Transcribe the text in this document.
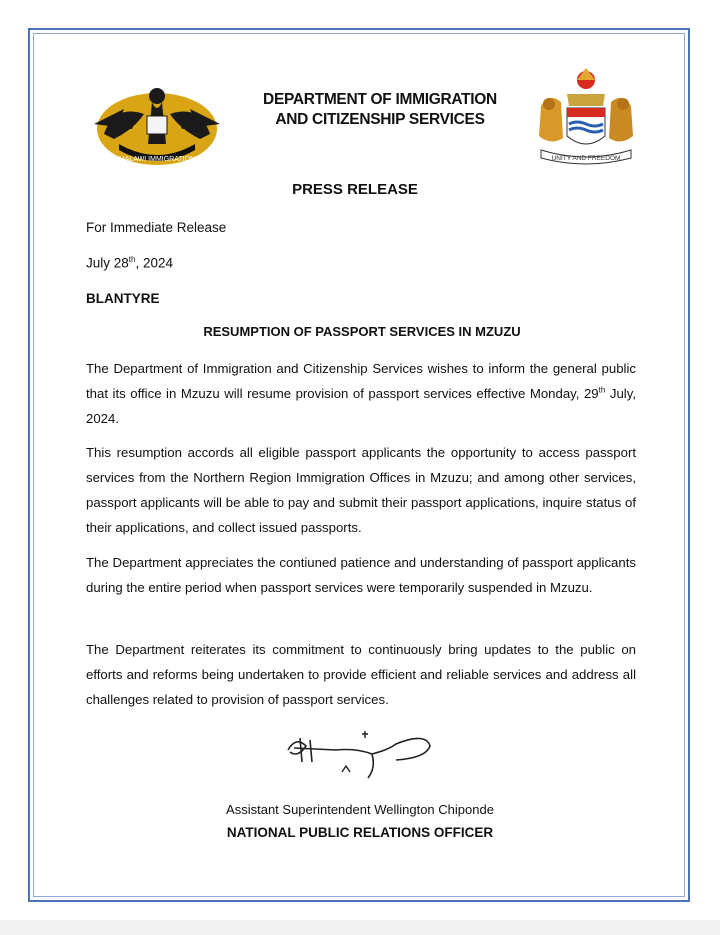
MALAWI IMMIGRATION	UNITY AND FREEDOM
DEPARTMENT OF IMMIGRATION
AND CITIZENSHIP SERVICES
PRESS RELEASE
For Immediate Release
July 28th, 2024
BLANTYRE
RESUMPTION OF PASSPORT SERVICES IN MZUZU

The Department of Immigration and Citizenship Services wishes to inform the general public that its office in Mzuzu will resume provision of passport services effective Monday, 29th July, 2024.

This resumption accords all eligible passport applicants the opportunity to access passport services from the Northern Region Immigration Offices in Mzuzu; and among other services, passport applicants will be able to pay and submit their passport applications, inquire status of their applications, and collect issued passports.

The Department appreciates the contiuned patience and understanding of passport applicants during the entire period when passport services were temporarily suspended in Mzuzu.

The Department reiterates its commitment to continuously bring updates to the public on efforts and reforms being undertaken to provide efficient and reliable services and address all challenges related to provision of passport services.

Assistant Superintendent Wellington Chiponde
NATIONAL PUBLIC RELATIONS OFFICER
